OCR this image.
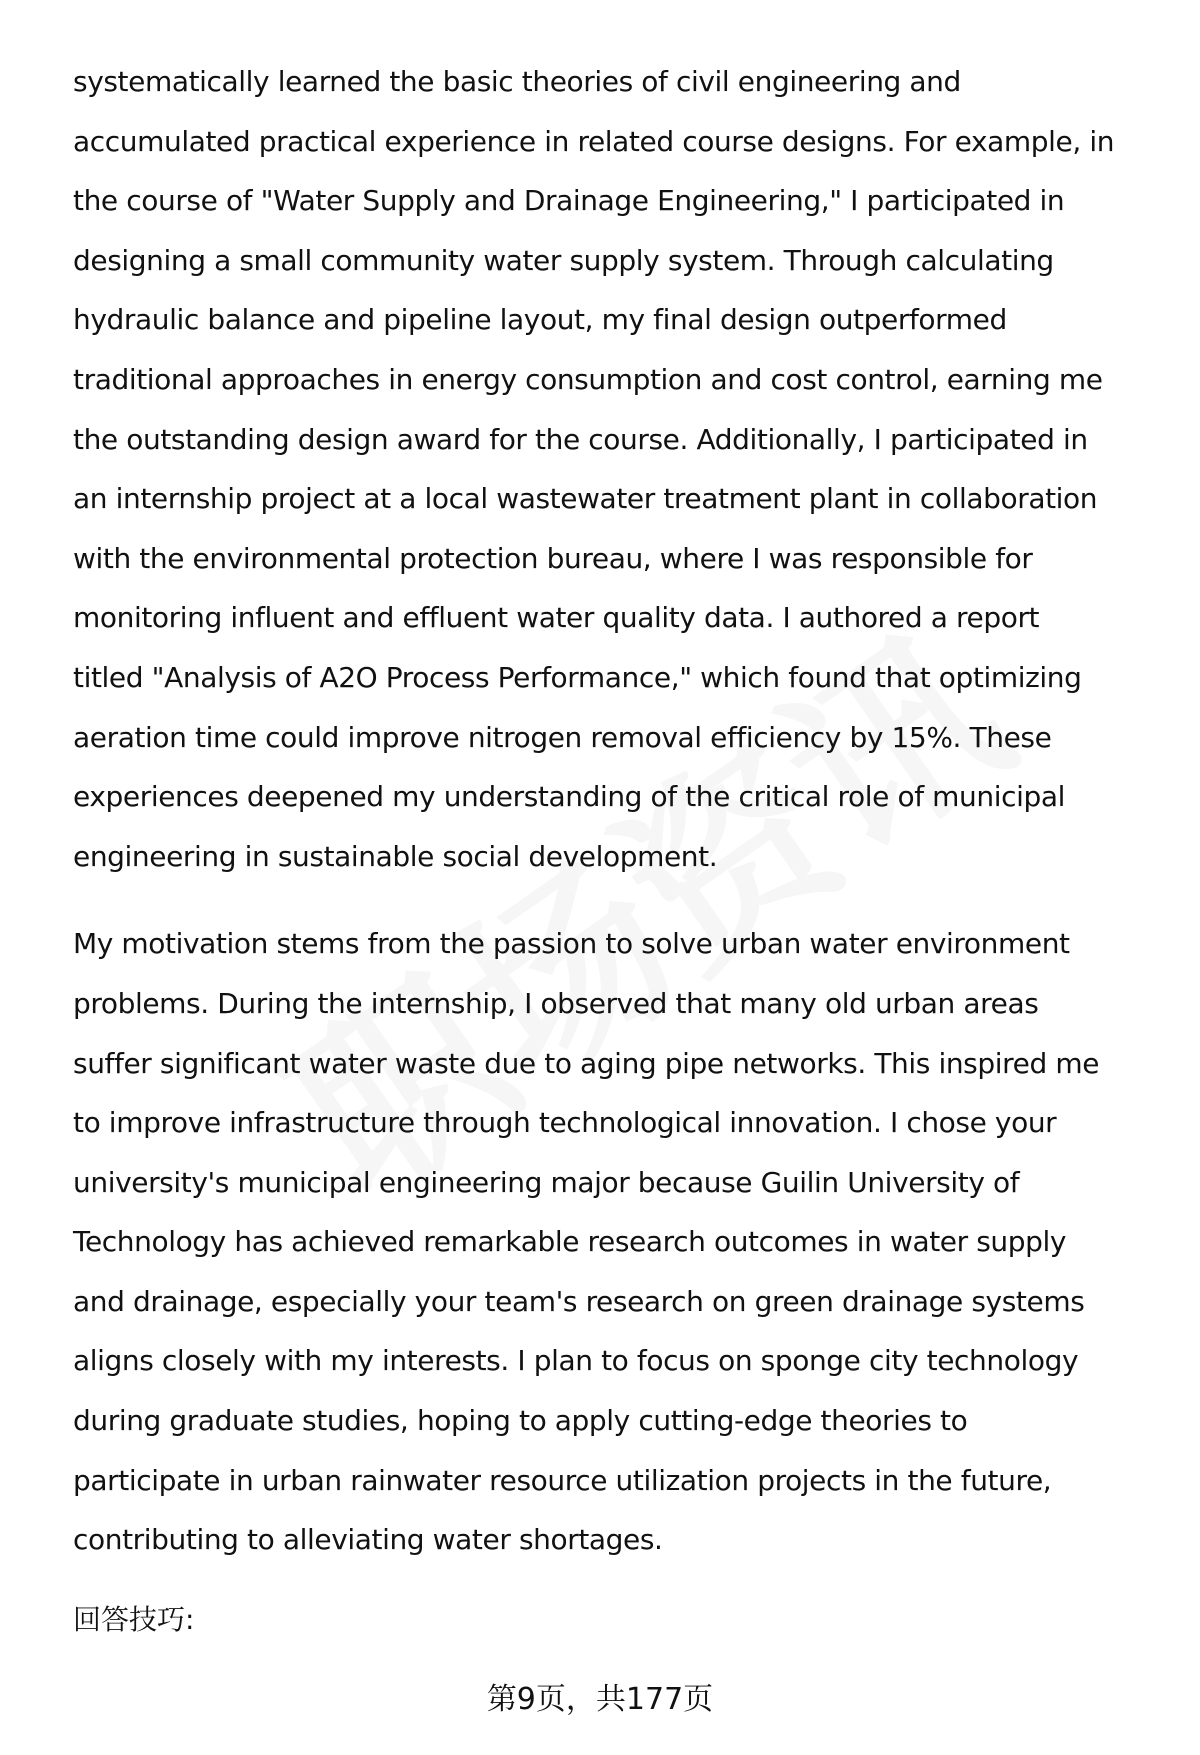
systematically learned the basic theories of civil engineering and
accumulated practical experience in related course designs. For example, in
the course of "Water Supply and Drainage Engineering," I participated in
designing a small community water supply system. Through calculating
hydraulic balance and pipeline layout, my final design outperformed
traditional approaches in energy consumption and cost control, earning me
the outstanding design award for the course. Additionally, I participated in
an internship project at a local wastewater treatment plant in collaboration
with the environmental protection bureau, where I was responsible for
monitoring influent and effluent water quality data. I authored a report
titled "Analysis of A2O Process Performance," which found that optimizing
aeration time could improve nitrogen removal efficiency by 15%. These
experiences deepened my understanding of the critical role of municipal
engineering in sustainable social development.

My motivation stems from the passion to solve urban water environment
problems. During the internship, I observed that many old urban areas
suffer significant water waste due to aging pipe networks. This inspired me
to improve infrastructure through technological innovation. I chose your
university's municipal engineering major because Guilin University of
Technology has achieved remarkable research outcomes in water supply
and drainage, especially your team's research on green drainage systems
aligns closely with my interests. I plan to focus on sponge city technology
during graduate studies, hoping to apply cutting-edge theories to
participate in urban rainwater resource utilization projects in the future,
contributing to alleviating water shortages.

回答技巧:

第9页，共177页
